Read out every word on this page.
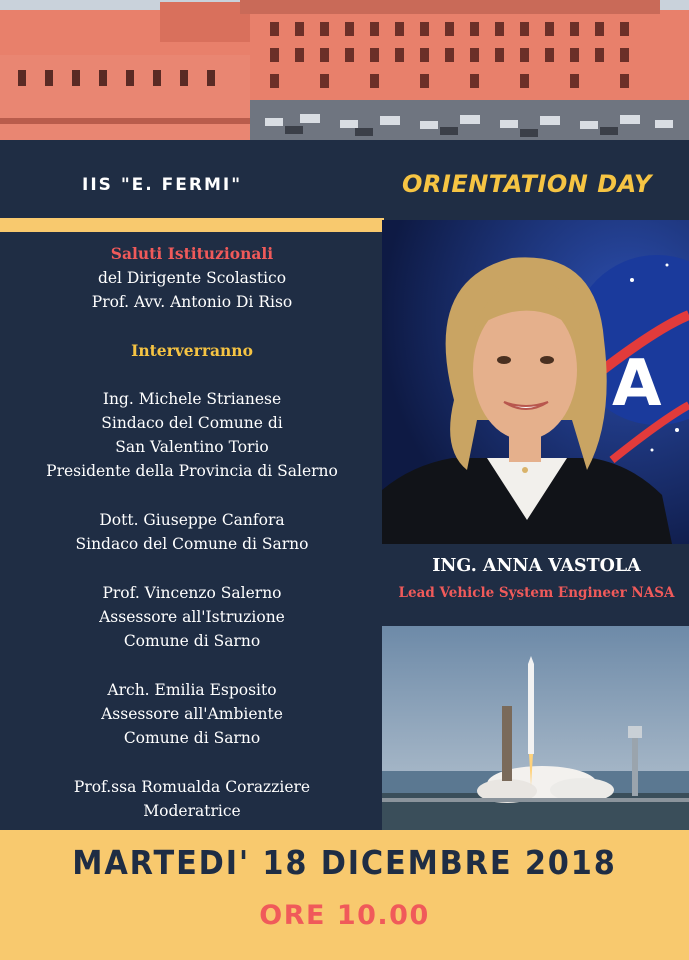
IIS "E. FERMI"	ORIENTATION DAY
Saluti Istituzionali
del Dirigente Scolastico
Prof. Avv. Antonio Di Riso
Interverranno
Ing. Michele Strianese
Sindaco del Comune di
San Valentino Torio
Presidente della Provincia di Salerno
Dott. Giuseppe Canfora
Sindaco del Comune di Sarno
Prof. Vincenzo Salerno
Assessore all'Istruzione
Comune di Sarno
Arch. Emilia Esposito
Assessore all'Ambiente
Comune di Sarno
Prof.ssa Romualda Corazziere
Moderatrice
A
ING. ANNA VASTOLA
Lead Vehicle System Engineer NASA
MARTEDI' 18 DICEMBRE 2018
ORE 10.00
